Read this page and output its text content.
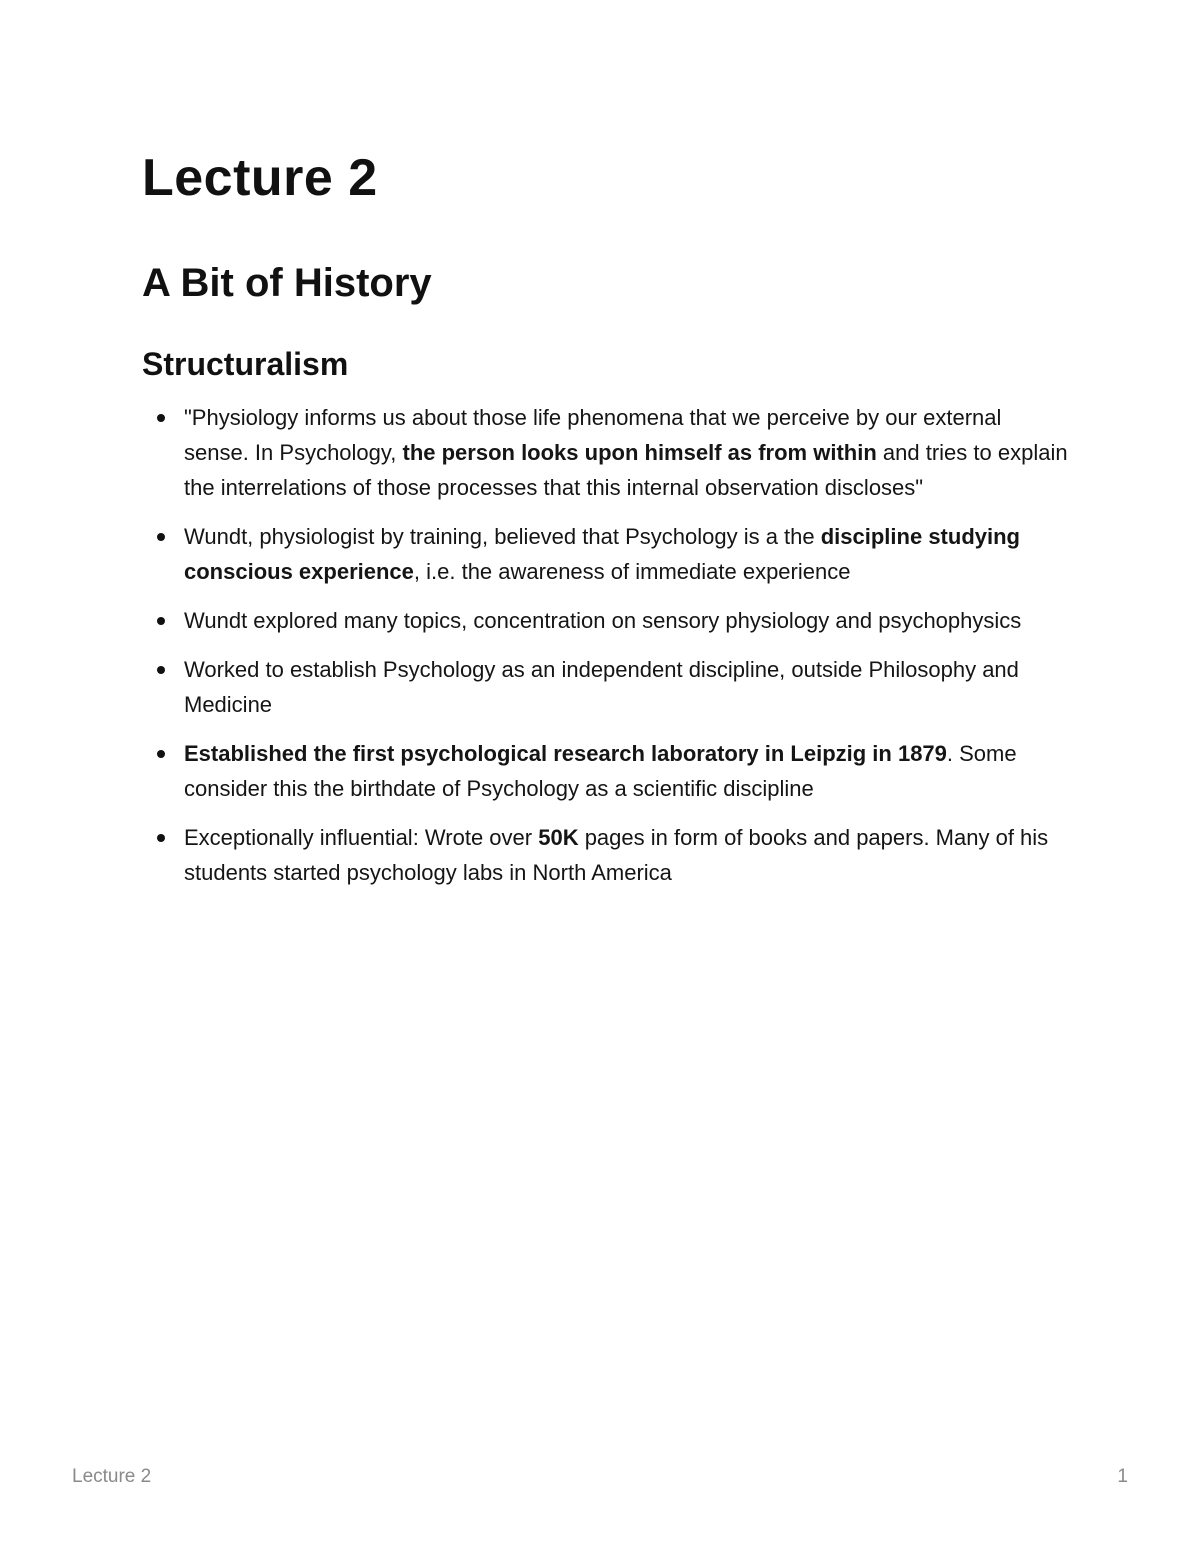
Lecture 2
A Bit of History
Structuralism
"Physiology informs us about those life phenomena that we perceive by our external sense. In Psychology, the person looks upon himself as from within and tries to explain the interrelations of those processes that this internal observation discloses"
Wundt, physiologist by training, believed that Psychology is a the discipline studying conscious experience, i.e. the awareness of immediate experience
Wundt explored many topics, concentration on sensory physiology and psychophysics
Worked to establish Psychology as an independent discipline, outside Philosophy and Medicine
Established the first psychological research laboratory in Leipzig in 1879. Some consider this the birthdate of Psychology as a scientific discipline
Exceptionally influential: Wrote over 50K pages in form of books and papers. Many of his students started psychology labs in North America
Lecture 2	1
